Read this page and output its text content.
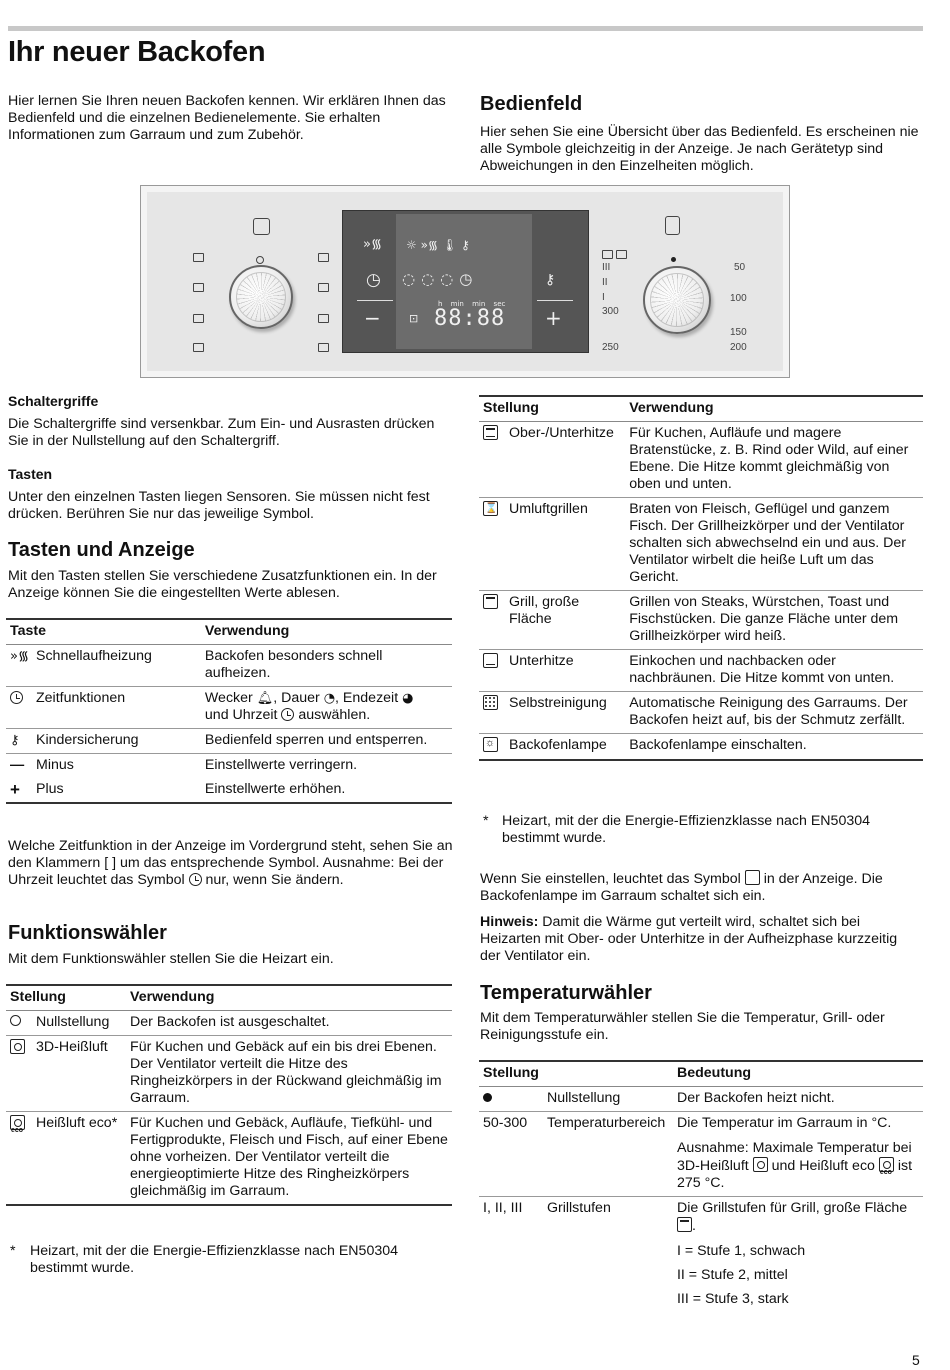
Ihr neuer Backofen

Hier lernen Sie Ihren neuen Backofen kennen. Wir erklären Ihnen das Bedienfeld und die einzelnen Bedienelemente. Sie erhalten Informationen zum Garraum und zum Zubehör.

Bedienfeld

Hier sehen Sie eine Übersicht über das Bedienfeld. Es erscheinen nie alle Symbole gleichzeitig in der Anzeige. Je nach Gerätetyp sind Abweichungen in den Einzelheiten möglich.

»᯾
◷
−
⚷
+
☼ »᯾ 🌡 ⚷
◌◌◌◷
h min min sec
88:88
⊡
III
II
I
50
100
150
200
250
300
Schaltergriffe

Die Schaltergriffe sind versenkbar. Zum Ein- und Ausrasten drücken Sie in der Nullstellung auf den Schaltergriff.

Tasten

Unter den einzelnen Tasten liegen Sensoren. Sie müssen nicht fest drücken. Berühren Sie nur das jeweilige Symbol.

Tasten und Anzeige

Mit den Tasten stellen Sie verschiedene Zusatzfunktionen ein. In der Anzeige können Sie die eingestellten Werte ablesen.

Taste		Verwendung
»᯾	Schnellaufheizung	Backofen besonders schnell aufheizen.
	Zeitfunktionen	Wecker 🔔︎, Dauer ◔, Endezeit ◕
und Uhrzeit auswählen.
⚷	Kindersicherung	Bedienfeld sperren und entsperren.
—	Minus	Einstellwerte verringern.
+	Plus	Einstellwerte erhöhen.

Welche Zeitfunktion in der Anzeige im Vordergrund steht, sehen Sie an den Klammern [ ] um das entsprechende Symbol. Ausnahme: Bei der Uhrzeit leuchtet das Symbol nur, wenn Sie ändern.

Funktionswähler

Mit dem Funktionswähler stellen Sie die Heizart ein.

Stellung		Verwendung
	Nullstellung	Der Backofen ist ausgeschaltet.
	3D-Heißluft	Für Kuchen und Gebäck auf ein bis drei Ebenen. Der Ventilator verteilt die Hitze des Ringheizkörpers in der Rückwand gleichmäßig im Garraum.
eco	Heißluft eco*	Für Kuchen und Gebäck, Aufläufe, Tiefkühl- und Fertigprodukte, Fleisch und Fisch, auf einer Ebene ohne vorheizen. Der Ventilator verteilt die energieoptimierte Hitze des Ringheizkörpers gleichmäßig im Garraum.
* Heizart, mit der die Energie-Effizienzklasse nach EN50304 bestimmt wurde.

Stellung		Verwendung
	Ober-/Unterhitze	Für Kuchen, Aufläufe und magere Bratenstücke, z. B. Rind oder Wild, auf einer Ebene. Die Hitze kommt gleichmäßig von oben und unten.
⌛	Umluftgrillen	Braten von Fleisch, Geflügel und ganzem Fisch. Der Grillheizkörper und der Ventilator schalten sich abwechselnd ein und aus. Der Ventilator wirbelt die heiße Luft um das Gericht.
	Grill, große Fläche	Grillen von Steaks, Würstchen, Toast und Fischstücken. Die ganze Fläche unter dem Grillheizkörper wird heiß.
	Unterhitze	Einkochen und nachbacken oder nachbräunen. Die Hitze kommt von unten.
	Selbstreinigung	Automatische Reinigung des Garraums. Der Backofen heizt auf, bis der Schmutz zerfällt.
☼	Backofenlampe	Backofenlampe einschalten.
* Heizart, mit der die Energie-Effizienzklasse nach EN50304 bestimmt wurde.

Wenn Sie einstellen, leuchtet das Symbol in der Anzeige. Die Backofenlampe im Garraum schaltet sich ein.

Hinweis: Damit die Wärme gut verteilt wird, schaltet sich bei Heizarten mit Ober- oder Unterhitze in der Aufheizphase kurzzeitig der Ventilator ein.

Temperaturwähler

Mit dem Temperaturwähler stellen Sie die Temperatur, Grill- oder Reinigungsstufe ein.

Stellung		Bedeutung
	Nullstellung	Der Backofen heizt nicht.
50-300	Temperaturbereich	Die Temperatur im Garraum in °C.
Ausnahme: Maximale Temperatur bei 3D-Heißluft und Heißluft eco eco ist 275 °C.

I, II, III	Grillstufen	Die Grillstufen für Grill, große Fläche .
I = Stufe 1, schwach
II = Stufe 2, mittel
III = Stufe 3, stark
5
